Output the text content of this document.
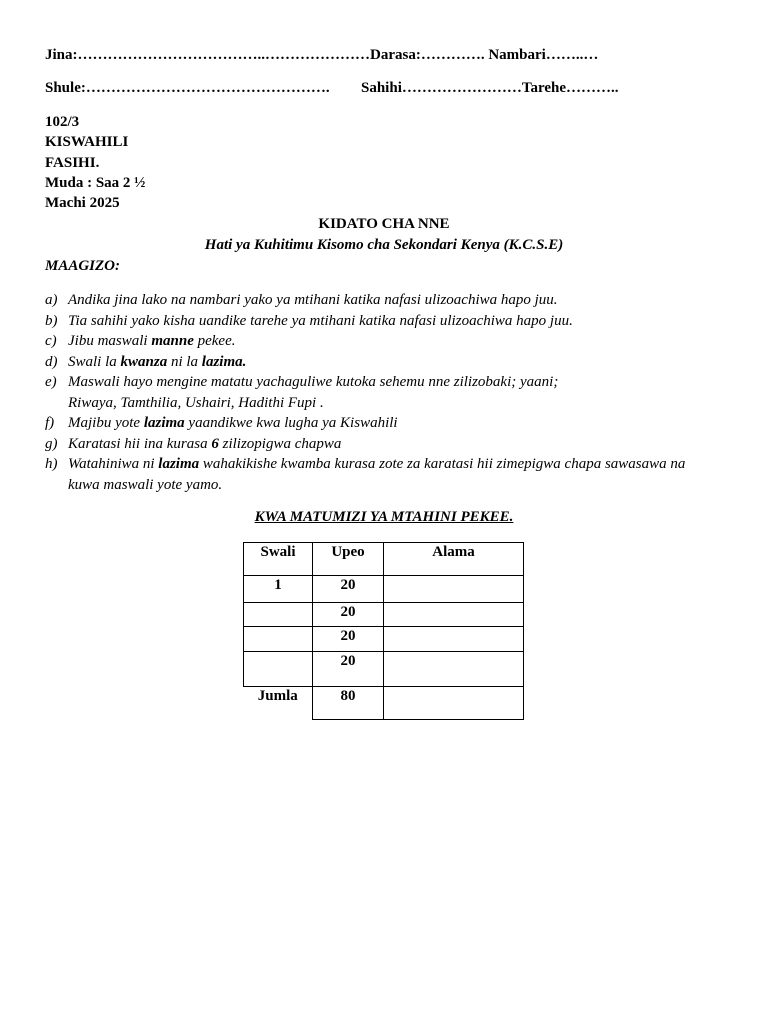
Jina:………………………………..…………………Darasa:…………. Nambari……..…
Shule:…………………………………………. Sahihi……………………Tarehe………..
102/3
KISWAHILI
FASIHI.
Muda : Saa 2 ½
Machi 2025
KIDATO CHA NNE
Hati ya Kuhitimu Kisomo cha Sekondari Kenya (K.C.S.E)
MAAGIZO:
a) Andika jina lako na nambari yako ya mtihani katika nafasi ulizoachiwa hapo juu.
b) Tia sahihi yako kisha uandike tarehe ya mtihani katika nafasi ulizoachiwa hapo juu.
c) Jibu maswali manne pekee.
d) Swali la kwanza ni la lazima.
e) Maswali hayo mengine matatu yachaguliwe kutoka sehemu nne zilizobaki; yaani;
Riwaya, Tamthilia, Ushairi, Hadithi Fupi .
f) Majibu yote lazima yaandikwe kwa lugha ya Kiswahili
g) Karatasi hii ina kurasa 6 zilizopigwa chapwa
h) Watahiniwa ni lazima wahakikishe kwamba kurasa zote za karatasi hii zimepigwa chapa sawasawa na kuwa maswali yote yamo.
KWA MATUMIZI YA MTAHINI PEKEE.
Swali	Upeo	Alama
1	20	
	20	
	20	
	20	
Jumla	80	
